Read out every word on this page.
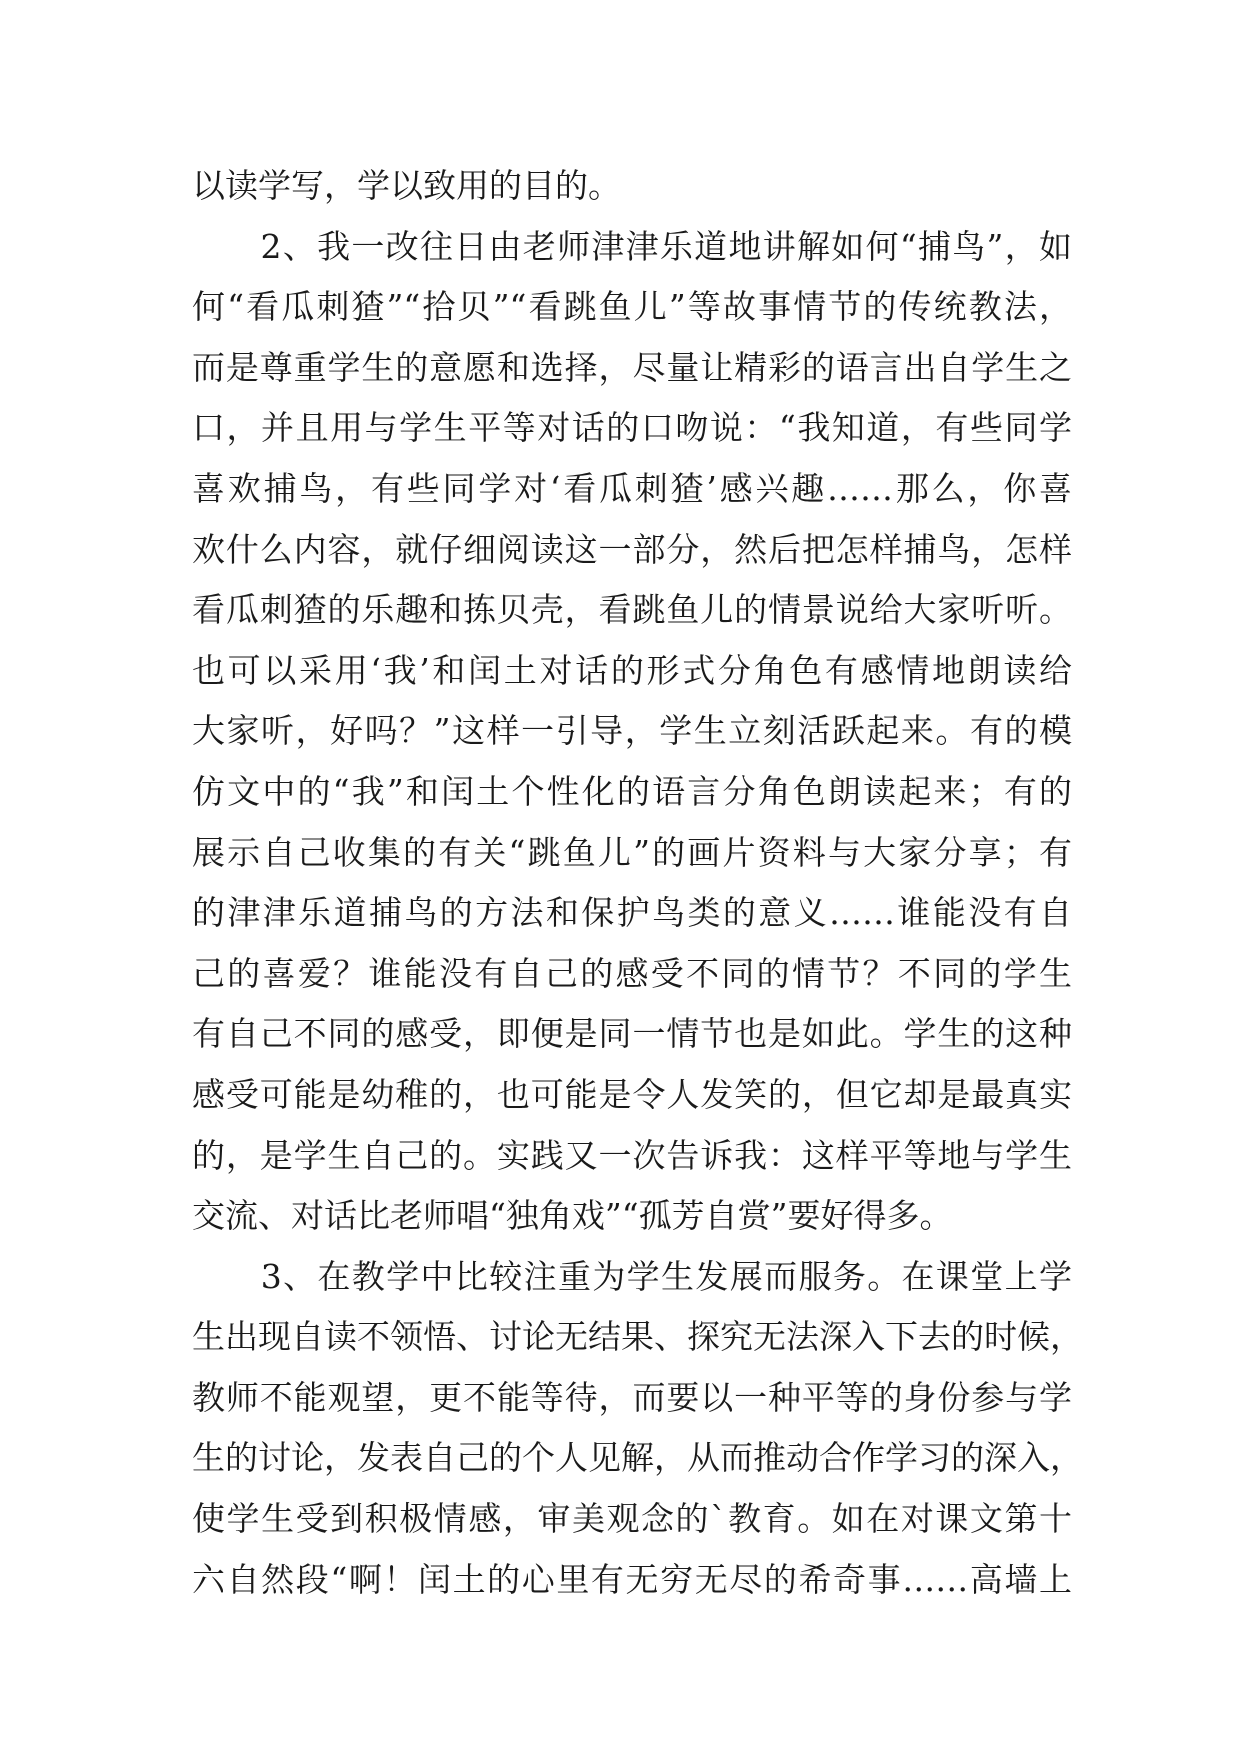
以读学写，学以致用的目的。
　　2、我一改往日由老师津津乐道地讲解如何“捕鸟”，如
何“看瓜刺猹”“拾贝”“看跳鱼儿”等故事情节的传统教法，
而是尊重学生的意愿和选择，尽量让精彩的语言出自学生之
口，并且用与学生平等对话的口吻说：“我知道，有些同学
喜欢捕鸟，有些同学对‘看瓜刺猹’感兴趣……那么，你喜
欢什么内容，就仔细阅读这一部分，然后把怎样捕鸟，怎样
看瓜刺猹的乐趣和拣贝壳，看跳鱼儿的情景说给大家听听。
也可以采用‘我’和闰土对话的形式分角色有感情地朗读给
大家听，好吗？”这样一引导，学生立刻活跃起来。有的模
仿文中的“我”和闰土个性化的语言分角色朗读起来；有的
展示自己收集的有关“跳鱼儿”的画片资料与大家分享；有
的津津乐道捕鸟的方法和保护鸟类的意义……谁能没有自
己的喜爱？谁能没有自己的感受不同的情节？不同的学生
有自己不同的感受，即便是同一情节也是如此。学生的这种
感受可能是幼稚的，也可能是令人发笑的，但它却是最真实
的，是学生自己的。实践又一次告诉我：这样平等地与学生
交流、对话比老师唱“独角戏”“孤芳自赏”要好得多。
　　3、在教学中比较注重为学生发展而服务。在课堂上学
生出现自读不领悟、讨论无结果、探究无法深入下去的时候，
教师不能观望，更不能等待，而要以一种平等的身份参与学
生的讨论，发表自己的个人见解，从而推动合作学习的深入，
使学生受到积极情感，审美观念的`教育。如在对课文第十
六自然段“啊！闰土的心里有无穷无尽的希奇事……高墙上
